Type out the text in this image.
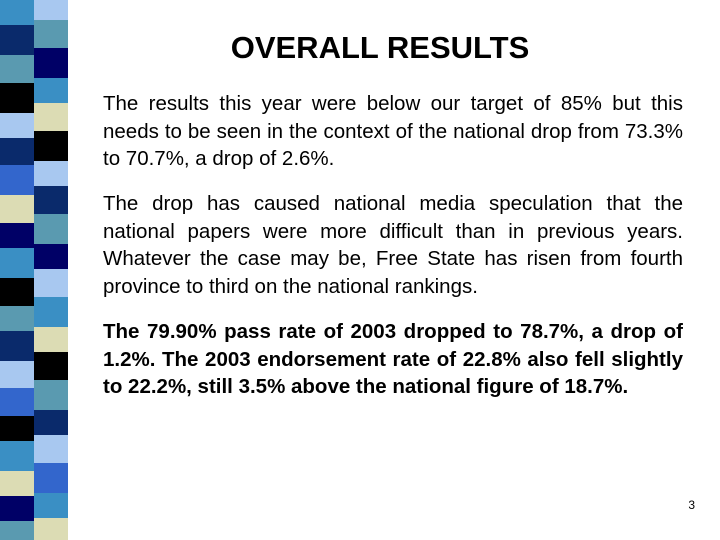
OVERALL RESULTS

The results this year were below our target of 85% but this needs to be seen in the context of the national drop from 73.3% to 70.7%, a drop of 2.6%.

The drop has caused national media speculation that the national papers were more difficult than in previous years. Whatever the case may be, Free State has risen from fourth province to third on the national rankings.

The 79.90% pass rate of 2003 dropped to 78.7%, a drop of 1.2%. The 2003 endorsement rate of 22.8% also fell slightly to 22.2%, still 3.5% above the national figure of 18.7%.

3
